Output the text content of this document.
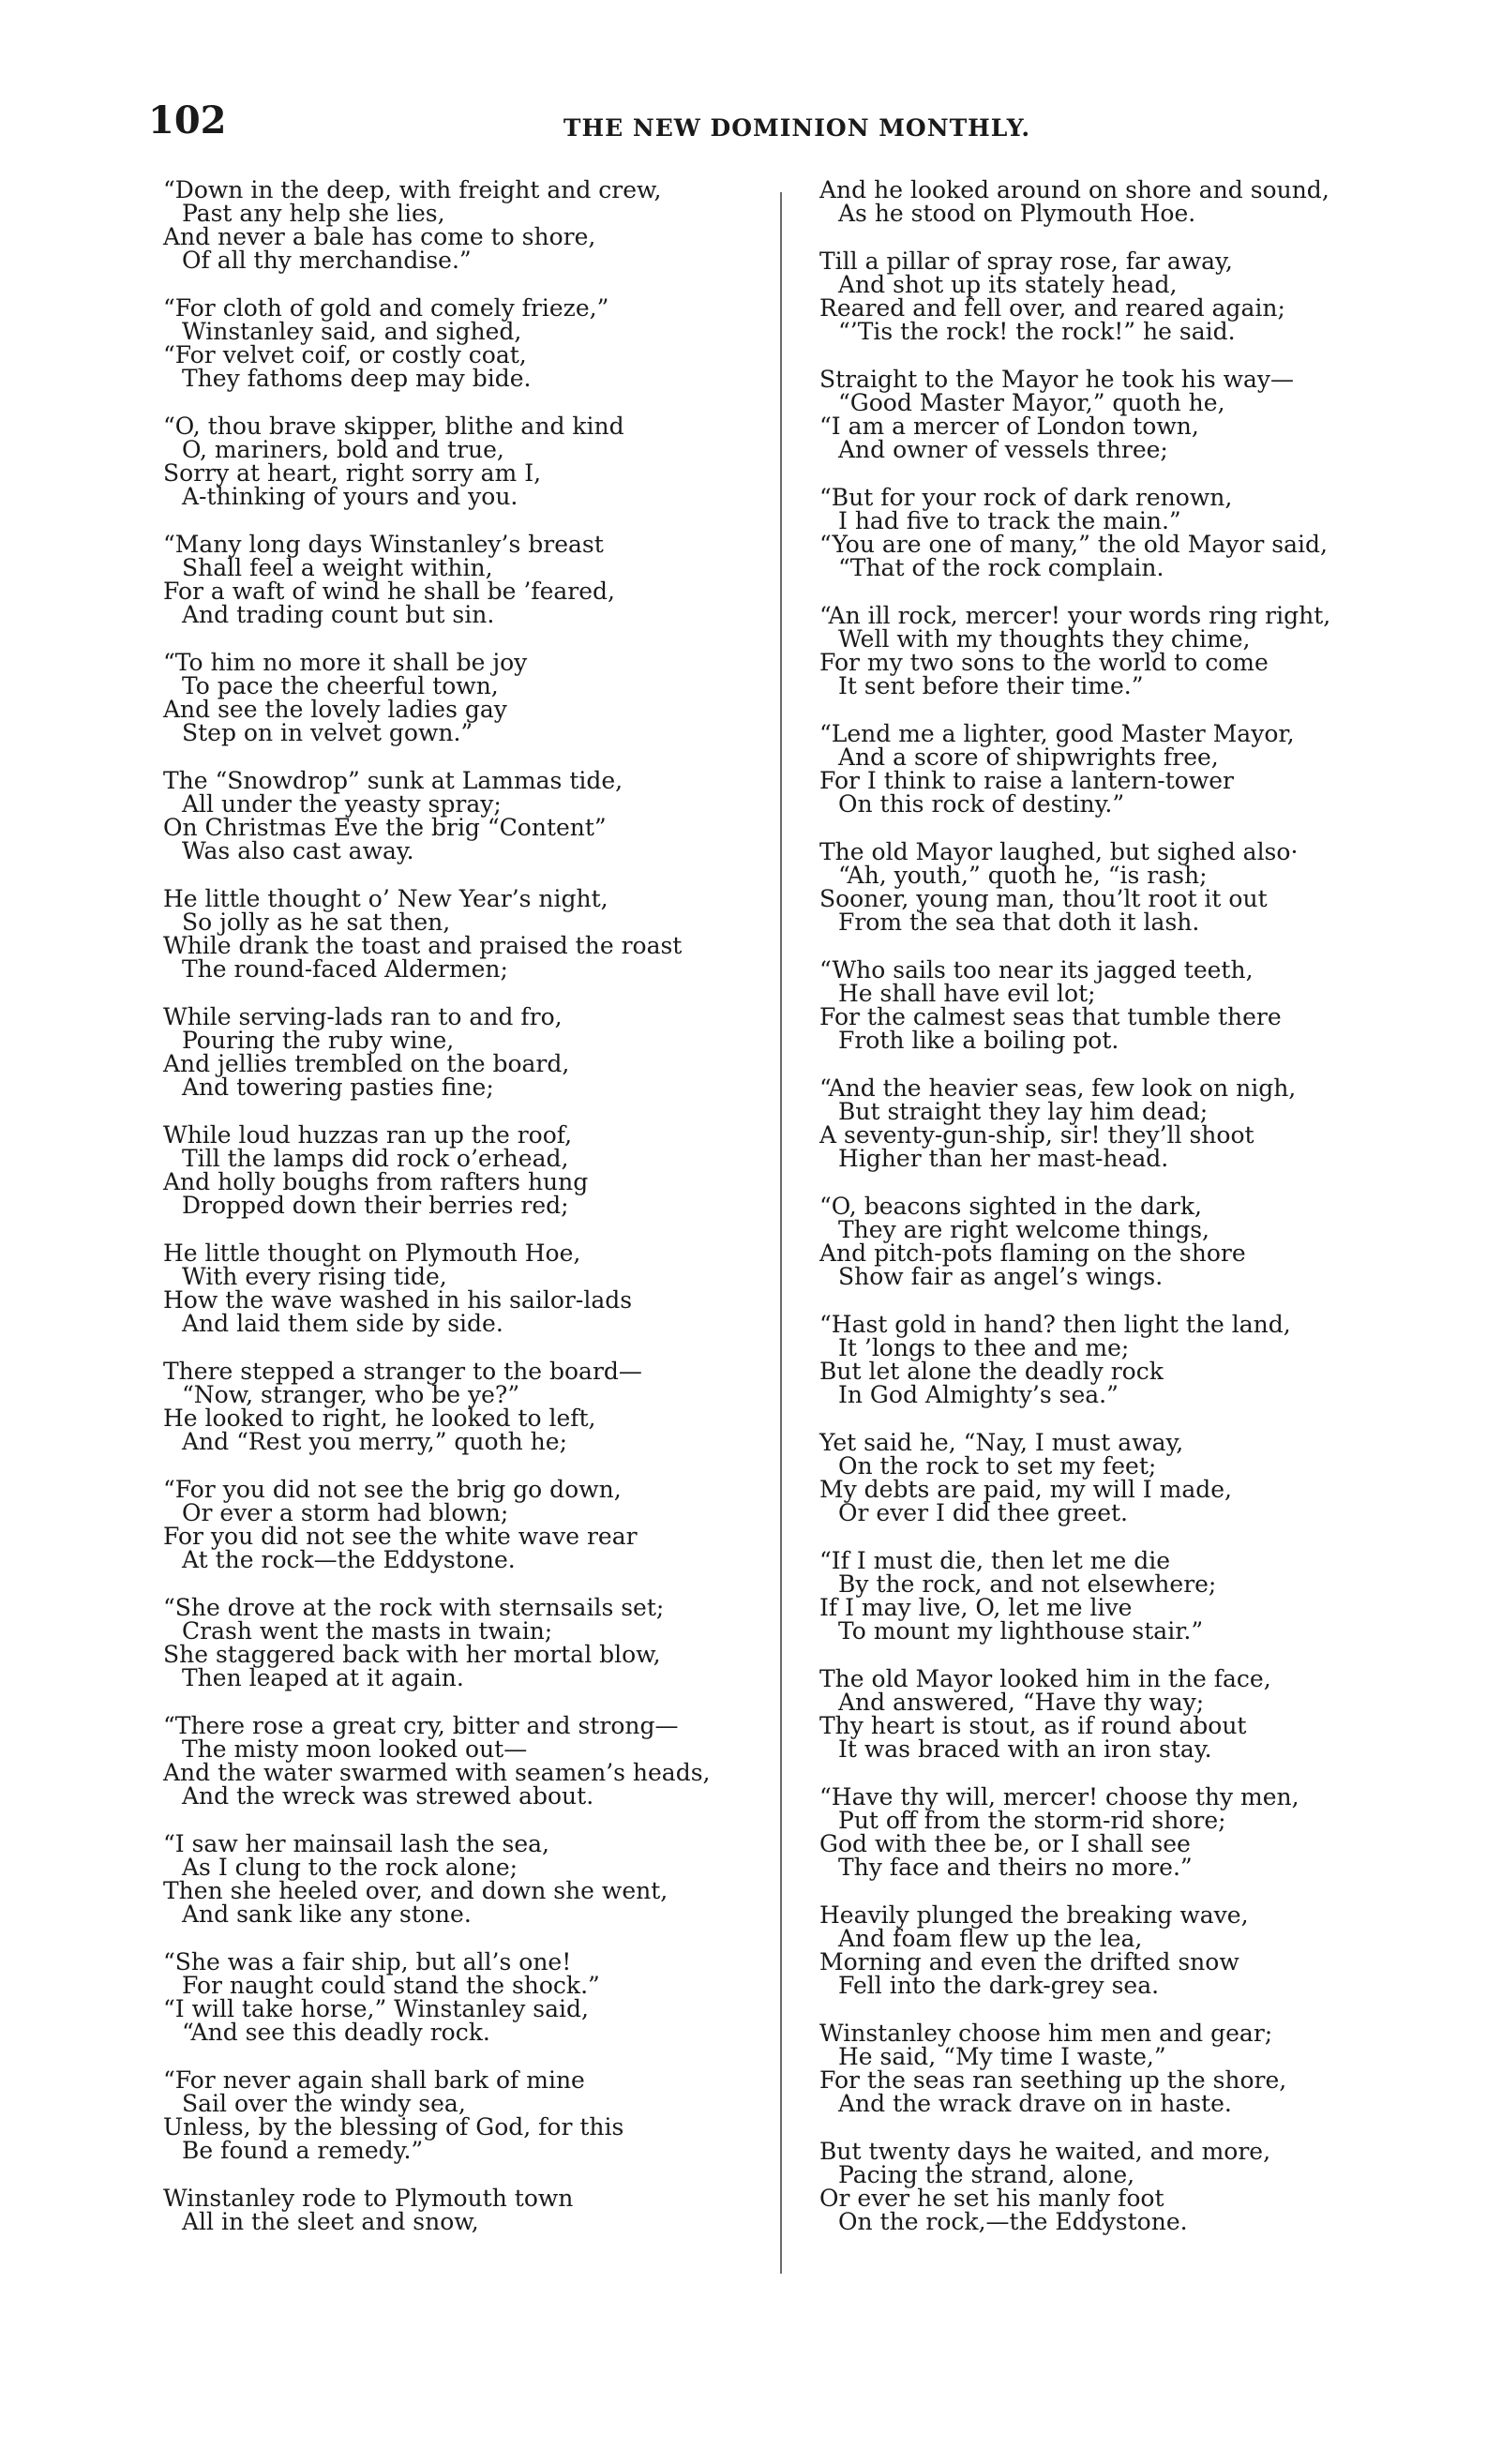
102	THE NEW DOMINION MONTHLY.
“Down in the deep, with freight and crew,
Past any help she lies,
And never a bale has come to shore,
Of all thy merchandise.”
“For cloth of gold and comely frieze,”
Winstanley said, and sighed,
“For velvet coif, or costly coat,
They fathoms deep may bide.
“O, thou brave skipper, blithe and kind
O, mariners, bold and true,
Sorry at heart, right sorry am I,
A-thinking of yours and you.
“Many long days Winstanley’s breast
Shall feel a weight within,
For a waft of wind he shall be ’feared,
And trading count but sin.
“To him no more it shall be joy
To pace the cheerful town,
And see the lovely ladies gay
Step on in velvet gown.”
The “Snowdrop” sunk at Lammas tide,
All under the yeasty spray;
On Christmas Eve the brig “Content”
Was also cast away.
He little thought o’ New Year’s night,
So jolly as he sat then,
While drank the toast and praised the roast
The round-faced Aldermen;
While serving-lads ran to and fro,
Pouring the ruby wine,
And jellies trembled on the board,
And towering pasties fine;
While loud huzzas ran up the roof,
Till the lamps did rock o’erhead,
And holly boughs from rafters hung
Dropped down their berries red;
He little thought on Plymouth Hoe,
With every rising tide,
How the wave washed in his sailor-lads
And laid them side by side.
There stepped a stranger to the board—
“Now, stranger, who be ye?”
He looked to right, he looked to left,
And “Rest you merry,” quoth he;
“For you did not see the brig go down,
Or ever a storm had blown;
For you did not see the white wave rear
At the rock—the Eddystone.
“She drove at the rock with sternsails set;
Crash went the masts in twain;
She staggered back with her mortal blow,
Then leaped at it again.
“There rose a great cry, bitter and strong—
The misty moon looked out—
And the water swarmed with seamen’s heads,
And the wreck was strewed about.
“I saw her mainsail lash the sea,
As I clung to the rock alone;
Then she heeled over, and down she went,
And sank like any stone.
“She was a fair ship, but all’s one!
For naught could stand the shock.”
“I will take horse,” Winstanley said,
“And see this deadly rock.
“For never again shall bark of mine
Sail over the windy sea,
Unless, by the blessing of God, for this
Be found a remedy.”
Winstanley rode to Plymouth town
All in the sleet and snow,
And he looked around on shore and sound,
As he stood on Plymouth Hoe.
Till a pillar of spray rose, far away,
And shot up its stately head,
Reared and fell over, and reared again;
“’Tis the rock! the rock!” he said.
Straight to the Mayor he took his way—
“Good Master Mayor,” quoth he,
“I am a mercer of London town,
And owner of vessels three;
“But for your rock of dark renown,
I had five to track the main.”
“You are one of many,” the old Mayor said,
“That of the rock complain.
“An ill rock, mercer! your words ring right,
Well with my thoughts they chime,
For my two sons to the world to come
It sent before their time.”
“Lend me a lighter, good Master Mayor,
And a score of shipwrights free,
For I think to raise a lantern-tower
On this rock of destiny.”
The old Mayor laughed, but sighed also·
“Ah, youth,” quoth he, “is rash;
Sooner, young man, thou’lt root it out
From the sea that doth it lash.
“Who sails too near its jagged teeth,
He shall have evil lot;
For the calmest seas that tumble there
Froth like a boiling pot.
“And the heavier seas, few look on nigh,
But straight they lay him dead;
A seventy-gun-ship, sir! they’ll shoot
Higher than her mast-head.
“O, beacons sighted in the dark,
They are right welcome things,
And pitch-pots flaming on the shore
Show fair as angel’s wings.
“Hast gold in hand? then light the land,
It ’longs to thee and me;
But let alone the deadly rock
In God Almighty’s sea.”
Yet said he, “Nay, I must away,
On the rock to set my feet;
My debts are paid, my will I made,
Or ever I did thee greet.
“If I must die, then let me die
By the rock, and not elsewhere;
If I may live, O, let me live
To mount my lighthouse stair.”
The old Mayor looked him in the face,
And answered, “Have thy way;
Thy heart is stout, as if round about
It was braced with an iron stay.
“Have thy will, mercer! choose thy men,
Put off from the storm-rid shore;
God with thee be, or I shall see
Thy face and theirs no more.”
Heavily plunged the breaking wave,
And foam flew up the lea,
Morning and even the drifted snow
Fell into the dark-grey sea.
Winstanley choose him men and gear;
He said, “My time I waste,”
For the seas ran seething up the shore,
And the wrack drave on in haste.
But twenty days he waited, and more,
Pacing the strand, alone,
Or ever he set his manly foot
On the rock,—the Eddystone.
